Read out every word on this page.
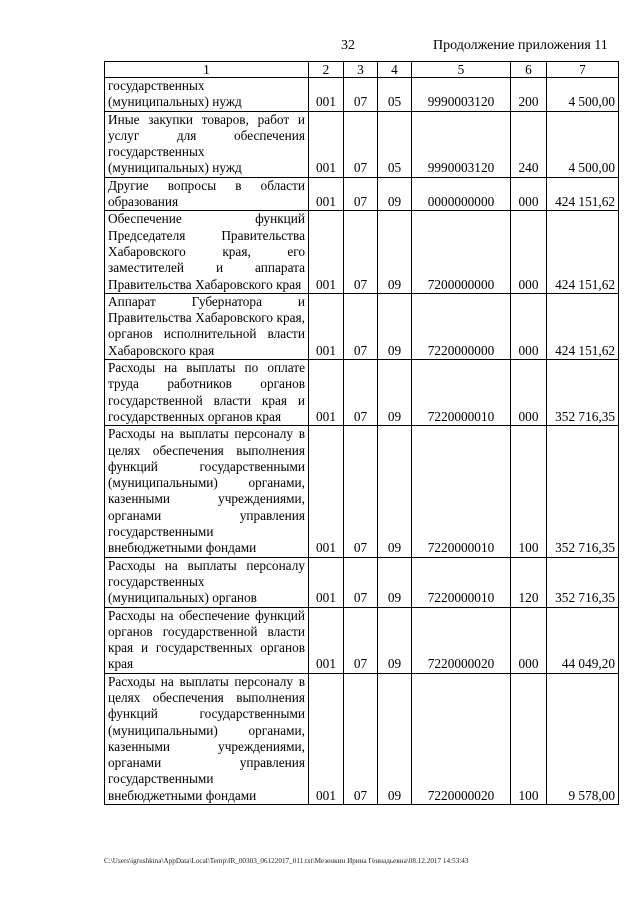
32	Продолжение приложения 11
1	2	3	4	5	6	7
государственных (муниципальных) нужд	001	07	05	9990003120	200	4 500,00
Иные закупки товаров, работ и услуг для обеспечения государственных (муниципальных) нужд	001	07	05	9990003120	240	4 500,00
Другие вопросы в области образования	001	07	09	0000000000	000	424 151,62
Обеспечение функций Председателя Правительства Хабаровского края, его заместителей и аппарата Правительства Хабаровского края	001	07	09	7200000000	000	424 151,62
Аппарат Губернатора и Правительства Хабаровского края, органов исполнительной власти Хабаровского края	001	07	09	7220000000	000	424 151,62
Расходы на выплаты по оплате труда работников органов государственной власти края и государственных органов края	001	07	09	7220000010	000	352 716,35
Расходы на выплаты персоналу в целях обеспечения выполнения функций государственными (муниципальными) органами, казенными учреждениями, органами управления государственными внебюджетными фондами	001	07	09	7220000010	100	352 716,35
Расходы на выплаты персоналу государственных (муниципальных) органов	001	07	09	7220000010	120	352 716,35
Расходы на обеспечение функций органов государственной власти края и государственных органов края	001	07	09	7220000020	000	44 049,20
Расходы на выплаты персоналу в целях обеспечения выполнения функций государственными (муниципальными) органами, казенными учреждениями, органами управления государственными внебюджетными фондами	001	07	09	7220000020	100	9 578,00
C:\Users\igrushkina\AppData\Local\Temp\IR_00303_06122017_011.txt\Мезенкин Ирина Геннадьевна\08.12.2017 14:53:43
